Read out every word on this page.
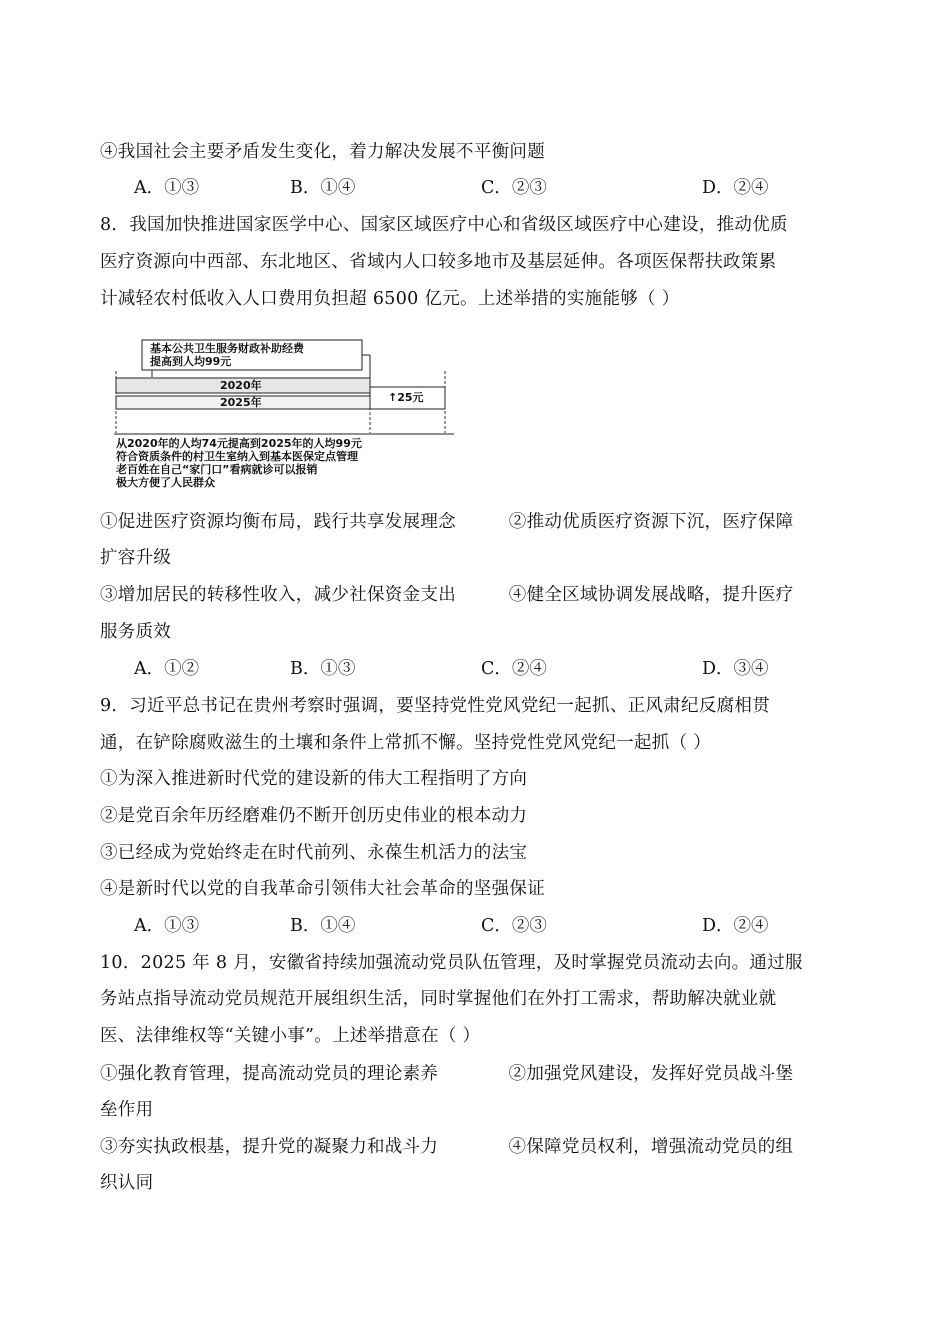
④我国社会主要矛盾发生变化，着力解决发展不平衡问题
A．①③	B．①④	C．②③	D．②④
8．我国加快推进国家医学中心、国家区域医疗中心和省级区域医疗中心建设，推动优质
医疗资源向中西部、东北地区、省域内人口较多地市及基层延伸。各项医保帮扶政策累
计减轻农村低收入人口费用负担超 6500 亿元。上述举措的实施能够（ ）
基本公共卫生服务财政补助经费
提高到人均99元
2020年
2025年	↑25元
从2020年的人均74元提高到2025年的人均99元
符合资质条件的村卫生室纳入到基本医保定点管理
老百姓在自己“家门口”看病就诊可以报销
极大方便了人民群众
①促进医疗资源均衡布局，践行共享发展理念         ②推动优质医疗资源下沉，医疗保障
扩容升级
③增加居民的转移性收入，减少社保资金支出         ④健全区域协调发展战略，提升医疗
服务质效
A．①②	B．①③	C．②④	D．③④
9．习近平总书记在贵州考察时强调，要坚持党性党风党纪一起抓、正风肃纪反腐相贯
通，在铲除腐败滋生的土壤和条件上常抓不懈。坚持党性党风党纪一起抓（ ）
①为深入推进新时代党的建设新的伟大工程指明了方向
②是党百余年历经磨难仍不断开创历史伟业的根本动力
③已经成为党始终走在时代前列、永葆生机活力的法宝
④是新时代以党的自我革命引领伟大社会革命的坚强保证
A．①③	B．①④	C．②③	D．②④
10．2025 年 8 月，安徽省持续加强流动党员队伍管理，及时掌握党员流动去向。通过服
务站点指导流动党员规范开展组织生活，同时掌握他们在外打工需求，帮助解决就业就
医、法律维权等“关键小事”。上述举措意在（ ）
①强化教育管理，提高流动党员的理论素养            ②加强党风建设，发挥好党员战斗堡
垒作用
③夯实执政根基，提升党的凝聚力和战斗力            ④保障党员权利，增强流动党员的组
织认同
